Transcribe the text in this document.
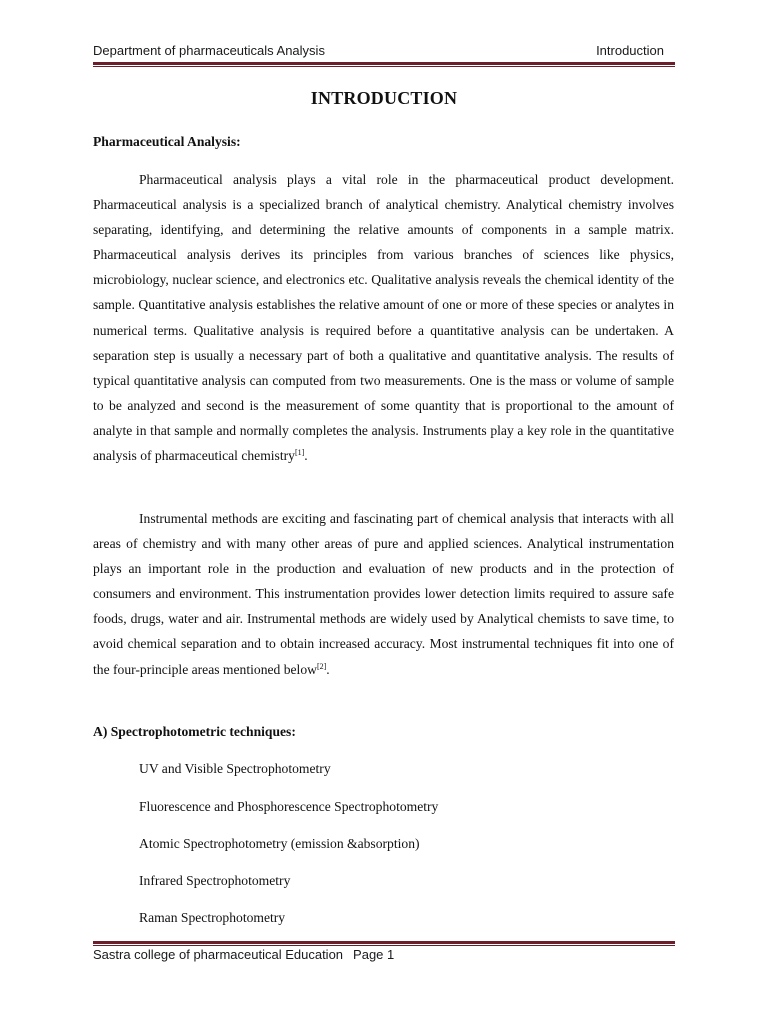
Department of pharmaceuticals Analysis	Introduction
INTRODUCTION
Pharmaceutical Analysis:

Pharmaceutical analysis plays a vital role in the pharmaceutical product development. Pharmaceutical analysis is a specialized branch of analytical chemistry. Analytical chemistry involves separating, identifying, and determining the relative amounts of components in a sample matrix. Pharmaceutical analysis derives its principles from various branches of sciences like physics, microbiology, nuclear science, and electronics etc. Qualitative analysis reveals the chemical identity of the sample. Quantitative analysis establishes the relative amount of one or more of these species or analytes in numerical terms. Qualitative analysis is required before a quantitative analysis can be undertaken. A separation step is usually a necessary part of both a qualitative and quantitative analysis. The results of typical quantitative analysis can computed from two measurements. One is the mass or volume of sample to be analyzed and second is the measurement of some quantity that is proportional to the amount of analyte in that sample and normally completes the analysis. Instruments play a key role in the quantitative analysis of pharmaceutical chemistry[1].

Instrumental methods are exciting and fascinating part of chemical analysis that interacts with all areas of chemistry and with many other areas of pure and applied sciences. Analytical instrumentation plays an important role in the production and evaluation of new products and in the protection of consumers and environment. This instrumentation provides lower detection limits required to assure safe foods, drugs, water and air. Instrumental methods are widely used by Analytical chemists to save time, to avoid chemical separation and to obtain increased accuracy. Most instrumental techniques fit into one of the four-principle areas mentioned below[2].

A) Spectrophotometric techniques:
UV and Visible Spectrophotometry
Fluorescence and Phosphorescence Spectrophotometry
Atomic Spectrophotometry (emission &absorption)
Infrared Spectrophotometry
Raman Spectrophotometry
Sastra college of pharmaceutical Education Page 1
